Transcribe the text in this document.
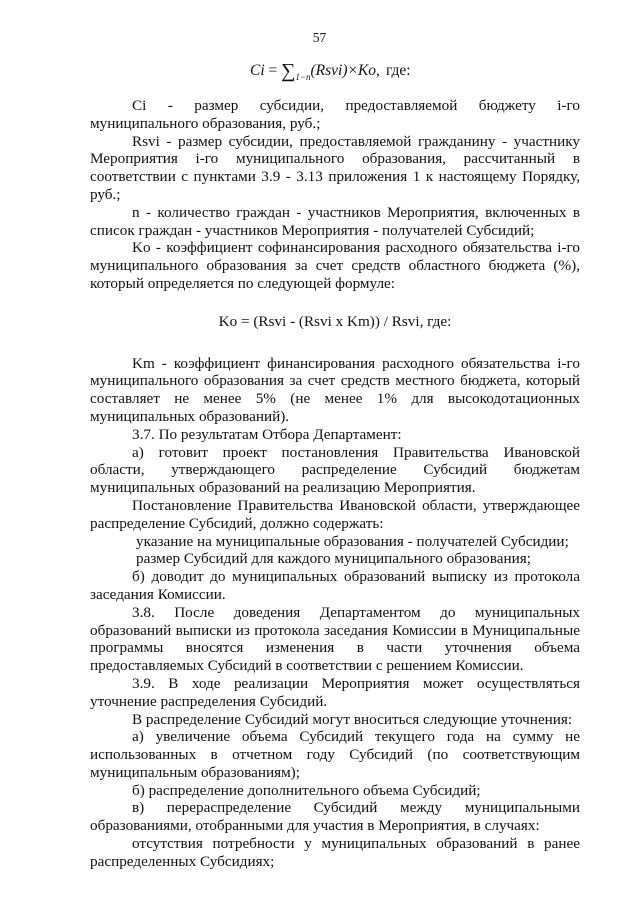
57
$Ci = \sum_{1-n}(Rsvi)\times Ko$, где:

Ci - размер субсидии, предоставляемой бюджету i-го муниципального образования, руб.;

Rsvi - размер субсидии, предоставляемой гражданину - участнику Мероприятия i-го муниципального образования, рассчитанный в соответствии с пунктами 3.9 - 3.13 приложения 1 к настоящему Порядку, руб.;

n - количество граждан - участников Мероприятия, включенных в список граждан - участников Мероприятия - получателей Субсидий;

Ko - коэффициент софинансирования расходного обязательства i-го муниципального образования за счет средств областного бюджета (%), который определяется по следующей формуле:

Ko = (Rsvi - (Rsvi x Km)) / Rsvi, где:

Km - коэффициент финансирования расходного обязательства i-го муниципального образования за счет средств местного бюджета, который составляет не менее 5% (не менее 1% для высокодотационных муниципальных образований).

3.7. По результатам Отбора Департамент:

а) готовит проект постановления Правительства Ивановской области, утверждающего распределение Субсидий бюджетам муниципальных образований на реализацию Мероприятия.

Постановление Правительства Ивановской области, утверждающее распределение Субсидий, должно содержать:

указание на муниципальные образования - получателей Субсидии;

размер Субсидий для каждого муниципального образования;

б) доводит до муниципальных образований выписку из протокола заседания Комиссии.

3.8. После доведения Департаментом до муниципальных образований выписки из протокола заседания Комиссии в Муниципальные программы вносятся изменения в части уточнения объема предоставляемых Субсидий в соответствии с решением Комиссии.

3.9. В ходе реализации Мероприятия может осуществляться уточнение распределения Субсидий.

В распределение Субсидий могут вноситься следующие уточнения:

а) увеличение объема Субсидий текущего года на сумму не использованных в отчетном году Субсидий (по соответствующим муниципальным образованиям);

б) распределение дополнительного объема Субсидий;

в) перераспределение Субсидий между муниципальными образованиями, отобранными для участия в Мероприятия, в случаях:

отсутствия потребности у муниципальных образований в ранее распределенных Субсидиях;
